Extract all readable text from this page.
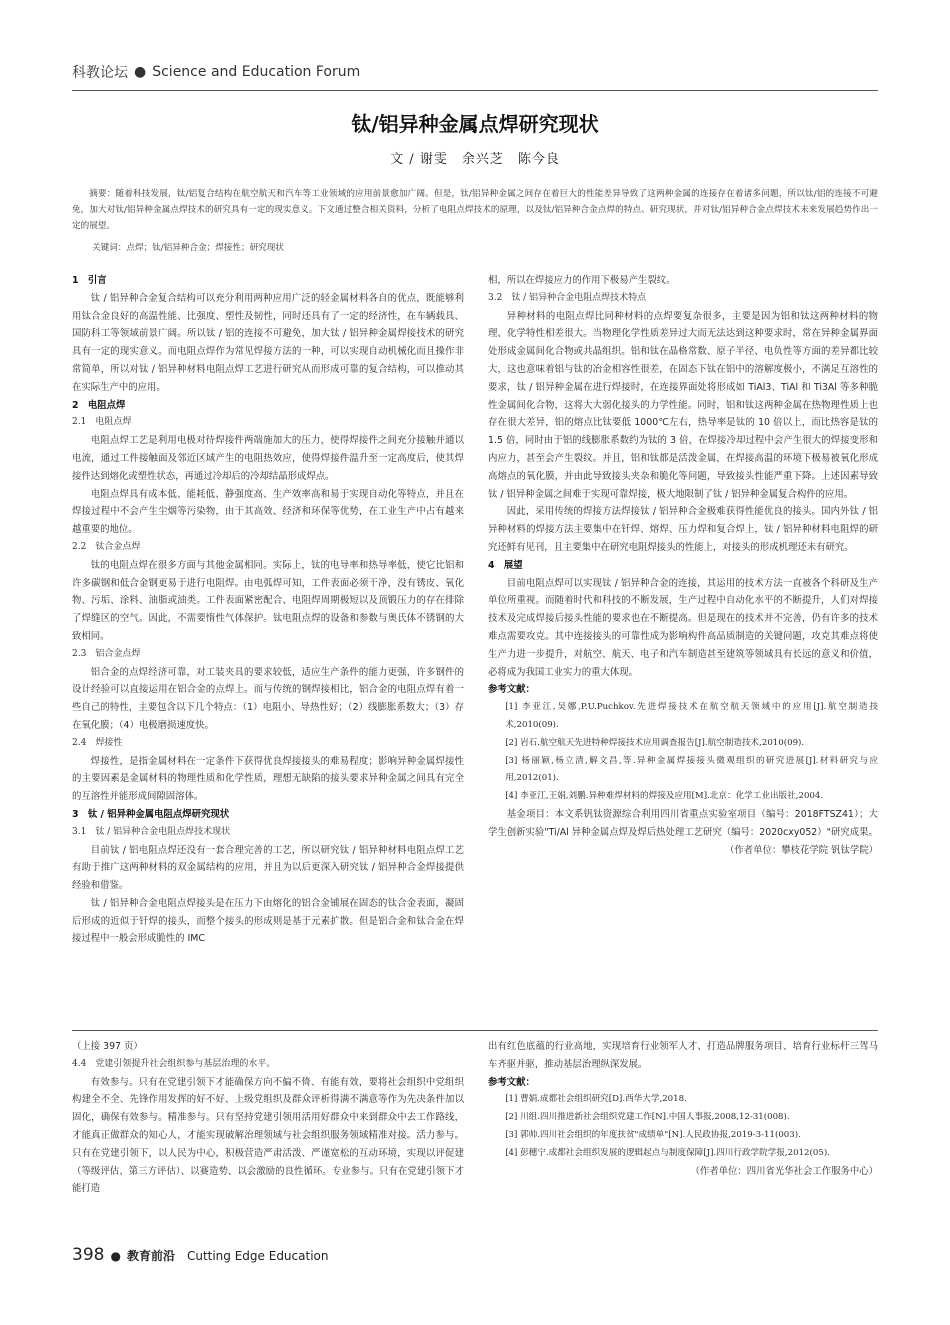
科教论坛 ● Science and Education Forum
钛/铝异种金属点焊研究现状
文 / 谢雯　余兴芝　陈今良
摘要：随着科技发展，钛/铝复合结构在航空航天和汽车等工业领域的应用前景愈加广阔。但是，钛/铝异种金属之间存在着巨大的性能差异导致了这两种金属的连接存在着诸多问题，所以钛/铝的连接不可避免，加大对钛/铝异种金属点焊技术的研究具有一定的现实意义。下文通过整合相关资料，分析了电阻点焊技术的原理，以及钛/铝异种合金点焊的特点、研究现状，并对钛/铝异种合金点焊技术未来发展趋势作出一定的展望。
关键词：点焊；钛/铝异种合金；焊接性；研究现状
1　引言

钛 / 铝异种合金复合结构可以充分利用两种应用广泛的轻金属材料各自的优点，既能够利用钛合金良好的高温性能、比强度、塑性及韧性，同时还具有了一定的经济性，在车辆载具、国防科工等领域前景广阔。所以钛 / 铝的连接不可避免，加大钛 / 铝异种金属焊接技术的研究具有一定的现实意义。而电阻点焊作为常见焊接方法的一种，可以实现自动机械化而且操作非常简单，所以对钛 / 铝异种材料电阻点焊工艺进行研究从而形成可靠的复合结构，可以推动其在实际生产中的应用。

2　电阻点焊
2.1　电阻点焊

电阻点焊工艺是利用电极对待焊接件两端施加大的压力，使得焊接件之间充分接触并通以电流，通过工件接触面及邻近区域产生的电阻热效应，使得焊接件温升至一定高度后，使其焊接件达到熔化或塑性状态，再通过冷却后的冷却结晶形成焊点。

电阻点焊具有成本低、能耗低、静强度高、生产效率高和易于实现自动化等特点，并且在焊接过程中不会产生尘烟等污染物，由于其高效、经济和环保等优势，在工业生产中占有越来越重要的地位。

2.2　钛合金点焊

钛的电阻点焊在很多方面与其他金属相同。实际上，钛的电导率和热导率低，使它比铝和许多碳钢和低合金钢更易于进行电阻焊。由电弧焊可知，工件表面必须干净，没有锈皮、氧化物、污垢、涂料、油脂或油类。工件表面紧密配合、电阻焊周期极短以及顶锻压力的存在排除了焊缝区的空气。因此，不需要惰性气体保护。钛电阻点焊的设备和参数与奥氏体不锈钢的大致相同。

2.3　铝合金点焊

铝合金的点焊经济可靠，对工装夹具的要求较低，适应生产条件的能力更强，许多钢件的设计经验可以直接运用在铝合金的点焊上。而与传统的钢焊接相比，铝合金的电阻点焊有着一些自己的特性，主要包含以下几个特点：（1）电阻小、导热性好；（2）线膨胀系数大；（3）存在氧化膜；（4）电极磨损速度快。

2.4　焊接性

焊接性，是指金属材料在一定条件下获得优良焊接接头的难易程度；影响异种金属焊接性的主要因素是金属材料的物理性质和化学性质，理想无缺陷的接头要求异种金属之间具有完全的互溶性并能形成间隙固溶体。

3　钛 / 铝异种金属电阻点焊研究现状
3.1　钛 / 铝异种合金电阻点焊技术现状

目前钛 / 铝电阻点焊还没有一套合理完善的工艺，所以研究钛 / 铝异种材料电阻点焊工艺有助于推广这两种材料的双金属结构的应用，并且为以后更深入研究钛 / 铝异种合金焊接提供经验和借鉴。

钛 / 铝异种合金电阻点焊接头是在压力下由熔化的铝合金铺展在固态的钛合金表面，凝固后形成的近似于钎焊的接头，而整个接头的形成则是基于元素扩散。但是铝合金和钛合金在焊接过程中一般会形成脆性的 IMC

相，所以在焊接应力的作用下极易产生裂纹。
3.2　钛 / 铝异种合金电阻点焊技术特点

异种材料的电阻点焊比同种材料的点焊要复杂很多，主要是因为铝和钛这两种材料的物理、化学特性相差很大。当物理化学性质差异过大而无法达到这种要求时，常在异种金属界面处形成金属间化合物或共晶组织。铝和钛在晶格常数、原子半径、电负性等方面的差异都比较大，这也意味着铝与钛的冶金相容性很差，在固态下钛在铝中的溶解度极小，不满足互溶性的要求，钛 / 铝异种金属在进行焊接时，在连接界面处将形成如 TiAl3、TiAl 和 Ti3Al 等多种脆性金属间化合物，这将大大弱化接头的力学性能。同时，铝和钛这两种金属在热物理性质上也存在很大差异，铝的熔点比钛要低 1000℃左右，热导率是钛的 10 倍以上，而比热容是钛的 1.5 倍，同时由于铝的线膨胀系数约为钛的 3 倍，在焊接冷却过程中会产生很大的焊接变形和内应力，甚至会产生裂纹。并且，铝和钛都是活泼金属，在焊接高温的环境下极易被氧化形成高熔点的氧化膜，并由此导致接头夹杂和脆化等问题，导致接头性能严重下降。上述因素导致钛 / 铝异种金属之间难于实现可靠焊接，极大地限制了钛 / 铝异种金属复合构件的应用。

因此，采用传统的焊接方法焊接钛 / 铝异种合金极难获得性能优良的接头。国内外钛 / 铝异种材料的焊接方法主要集中在钎焊、熔焊、压力焊和复合焊上，钛 / 铝异种材料电阻焊的研究还鲜有见刊，且主要集中在研究电阻焊接头的性能上，对接头的形成机理还未有研究。

4　展望

目前电阻点焊可以实现钛 / 铝异种合金的连接，其运用的技术方法一直被各个科研及生产单位所重视。而随着时代和科技的不断发展，生产过程中自动化水平的不断提升，人们对焊接技术及完成焊接后接头性能的要求也在不断提高。但是现在的技术并不完善，仍有许多的技术难点需要攻克。其中连接接头的可靠性成为影响构件高品质制造的关键问题，攻克其难点将使生产力进一步提升，对航空、航天、电子和汽车制造甚至建筑等领域具有长远的意义和价值，必将成为我国工业实力的重大体现。

参考文献：
[1] 李亚江,吴娜,P.U.Puchkov.先进焊接技术在航空航天领域中的应用[J].航空制造技术,2010(09).
[2] 岩石.航空航天先进特种焊接技术应用调查报告[J].航空制造技术,2010(09).
[3] 杨丽颖,杨立清,解文昌,等.异种金属焊接接头微观组织的研究进展[J].材料研究与应用,2012(01).
[4] 李亚江,王娟,刘鹏.异种难焊材料的焊接及应用[M].北京：化学工业出版社,2004.

基金项目：本文系钒钛资源综合利用四川省重点实验室项目（编号：2018FTSZ41）；大学生创新实验"Ti/Al 异种金属点焊及焊后热处理工艺研究（编号：2020cxy052）"研究成果。

（作者单位：攀枝花学院 钒钛学院）
（上接 397 页）
4.4　党建引领提升社会组织参与基层治理的水平。

有效参与。只有在党建引领下才能确保方向不偏不倚、有能有效，要将社会组织中党组织构建全不全、先锋作用发挥的好不好、上级党组织及群众评析得满不满意等作为先决条件加以固化，确保有效参与。精准参与。只有坚持党建引领用活用好群众中来到群众中去工作路线，才能真正做群众的知心人，才能实现破解治理领域与社会组织服务领域精准对接。活力参与。只有在党建引领下，以人民为中心，积极营造严肃活泼、严谨宽松的互动环境，实现以评促建（等级评估、第三方评估）、以赛造势、以会激励的良性循环。专业参与。只有在党建引领下才能打造

出有红色底蕴的行业高地，实现培育行业领军人才、打造品牌服务项目、培育行业标杆三驾马车齐驱并驱，推动基层治理纵深发展。
参考文献：
[1] 曹娟.成都社会组织研究[D].西华大学,2018.
[2] 川组.四川推进新社会组织党建工作[N].中国人事报,2008,12-31(008).
[3] 郭帅.四川社会组织的年度扶贫"成绩单"[N].人民政协报,2019-3-11(003).
[4] 彭穗宁.成都社会组织发展的逻辑起点与制度保障[J].四川行政学院学报,2012(05).
（作者单位：四川省光华社会工作服务中心）
398 ● 教育前沿 Cutting Edge Education
